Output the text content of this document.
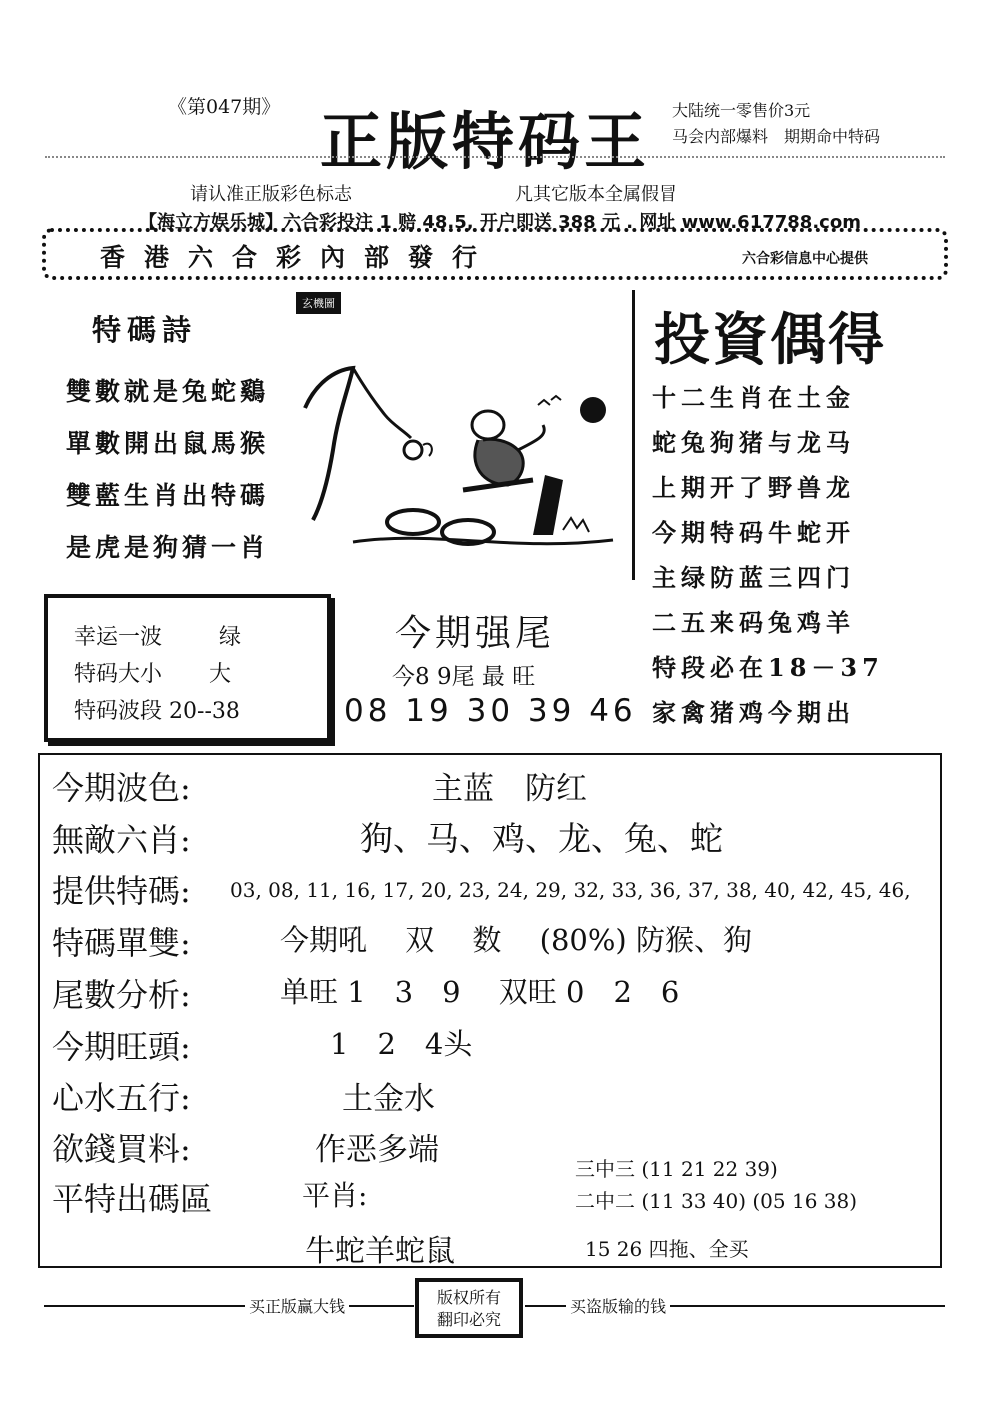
《第047期》 正版特码王 大陆统一零售价3元
马会内部爆料　期期命中特码
请认准正版彩色标志	凡其它版本全属假冒
【海立方娱乐城】六合彩投注 1 赔 48.5, 开户即送 388 元 . 网址 www.617788.com
香港六合彩內部發行	六合彩信息中心提供
特碼詩
雙數就是兔蛇鷄
單數開出鼠馬猴
雙藍生肖出特碼
是虎是狗猜一肖
玄機圖
投資偶得
十二生肖在土金
蛇兔狗猪与龙马
上期开了野兽龙
今期特码牛蛇开
主绿防蓝三四门
二五来码兔鸡羊
特段必在18－37
家禽猪鸡今期出
幸运一波	绿
特码大小 大
特码波段 20--38
今期强尾
今8 9尾 最 旺
08 19 30 39 46
今期波色:	主蓝　防红
無敵六肖:	狗、马、鸡、龙、兔、蛇
提供特碼: 03, 08, 11, 16, 17, 20, 23, 24, 29, 32, 33, 36, 37, 38, 40, 42, 45, 46,
特碼單雙:	今期吼　 双　 数　 (80%) 防猴、狗
尾數分析:	单旺 1　3　9　 双旺 0　2　6
今期旺頭:	1　2　4头
心水五行:	土金水
欲錢買料:	作恶多端
平特出碼區	平肖:
牛蛇羊蛇鼠
三中三 (11 21 22 39)
二中二 (11 33 40) (05 16 38)
15 26 四拖、全买
买正版赢大钱	买盗版输的钱
版权所有
翻印必究
